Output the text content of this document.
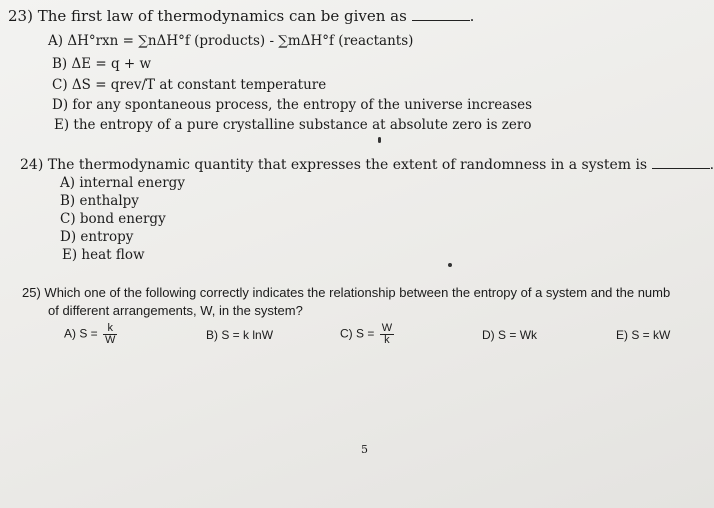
23) The first law of thermodynamics can be given as	.
A) ΔH°rxn = ∑nΔH°f (products) - ∑mΔH°f (reactants)
B) ΔE = q + w
C) ΔS = qrev/T at constant temperature
D) for any spontaneous process, the entropy of the universe increases
E) the entropy of a pure crystalline substance at absolute zero is zero
24) The thermodynamic quantity that expresses the extent of randomness in a system is	.
A) internal energy
B) enthalpy
C) bond energy
D) entropy
E) heat flow
25) Which one of the following correctly indicates the relationship between the entropy of a system and the numb
of different arrangements, W, in the system?
A) $S = \frac{k}{W}$	B) S = k lnW	C) $S = \frac{W}{k}$	D) S = Wk	E) S = kW
5
